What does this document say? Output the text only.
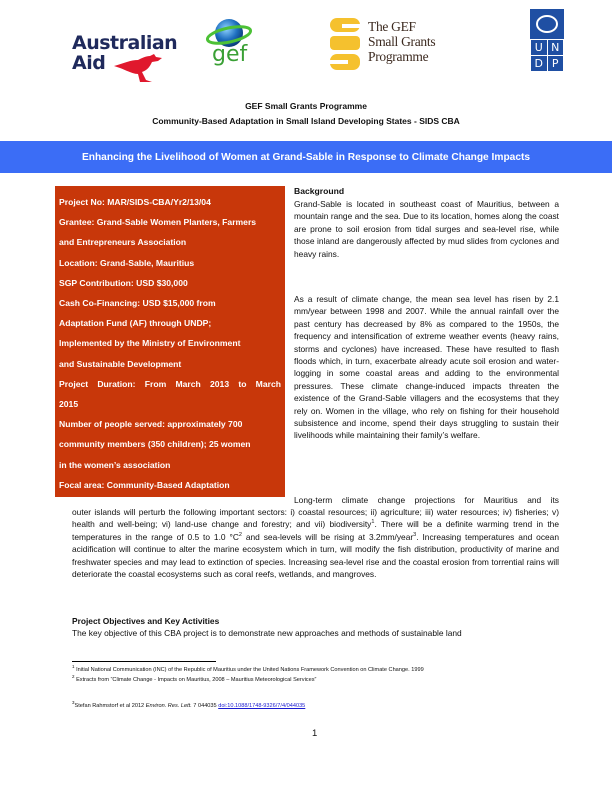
Australian
Aid	gef
The GEF
Small Grants
Programme
U N
D P
GEF Small Grants Programme
Community-Based Adaptation in Small Island Developing States - SIDS CBA
Enhancing the Livelihood of Women at Grand-Sable in Response to Climate Change Impacts
Project No: MAR/SIDS-CBA/Yr2/13/04
Grantee: Grand-Sable Women Planters, Farmers
and Entrepreneurs Association
Location: Grand-Sable, Mauritius
SGP Contribution: USD $30,000
Cash Co-Financing: USD $15,000 from
Adaptation Fund (AF) through UNDP;
Implemented by the Ministry of Environment
and Sustainable Development
Project Duration: From March 2013 to March
2015
Number of people served: approximately 700
community members (350 children); 25 women
in the women’s association
Focal area: Community-Based Adaptation
Background
Grand-Sable is located in southeast coast of Mauritius, between a mountain range and the sea. Due to its location, homes along the coast are prone to soil erosion from tidal surges and sea-level rise, while those inland are dangerously affected by mud slides from cyclones and heavy rains.
As a result of climate change, the mean sea level has risen by 2.1 mm/year between 1998 and 2007. While the annual rainfall over the past century has decreased by 8% as compared to the 1950s, the frequency and intensification of extreme weather events (heavy rains, storms and cyclones) have increased. These have resulted to flash floods which, in turn, exacerbate already acute soil erosion and water-logging in some coastal areas and adding to the environmental pressures. These climate change-induced impacts threaten the existence of the Grand-Sable villagers and the ecosystems that they rely on. Women in the village, who rely on fishing for their household subsistence and income, spend their days struggling to sustain their livelihoods while maintaining their family’s welfare.
Long-term climate change projections for Mauritius and its
outer islands will perturb the following important sectors: i) coastal resources; ii) agriculture; iii) water resources; iv) fisheries; v) health and well-being; vi) land-use change and forestry; and vii) biodiversity$^1$. There will be a definite warming trend in the temperatures in the range of 0.5 to 1.0 $^\circ C^2$ and sea-levels will be rising at 3.2mm/year$^3$. Increasing temperatures and ocean acidification will continue to alter the marine ecosystem which in turn, will modify the fish distribution, productivity of marine and freshwater species and may lead to extinction of species. Increasing sea-level rise and the coastal erosion from torrential rains will deteriorate the coastal ecosystems such as coral reefs, wetlands, and mangroves.
Project Objectives and Key Activities
The key objective of this CBA project is to demonstrate new approaches and methods of sustainable land
$^1$ Initial National Communication (INC) of the Republic of Mauritius under the United Nations Framework Convention on Climate Change. 1999
$^2$ Extracts from “Climate Change - Impacts on Mauritius, 2008 – Mauritius Meteorological Services”
$^3$Stefan Rahmstorf et al 2012 Environ. Res. Lett. 7 044035 doi:10.1088/1748-9326/7/4/044035
1
